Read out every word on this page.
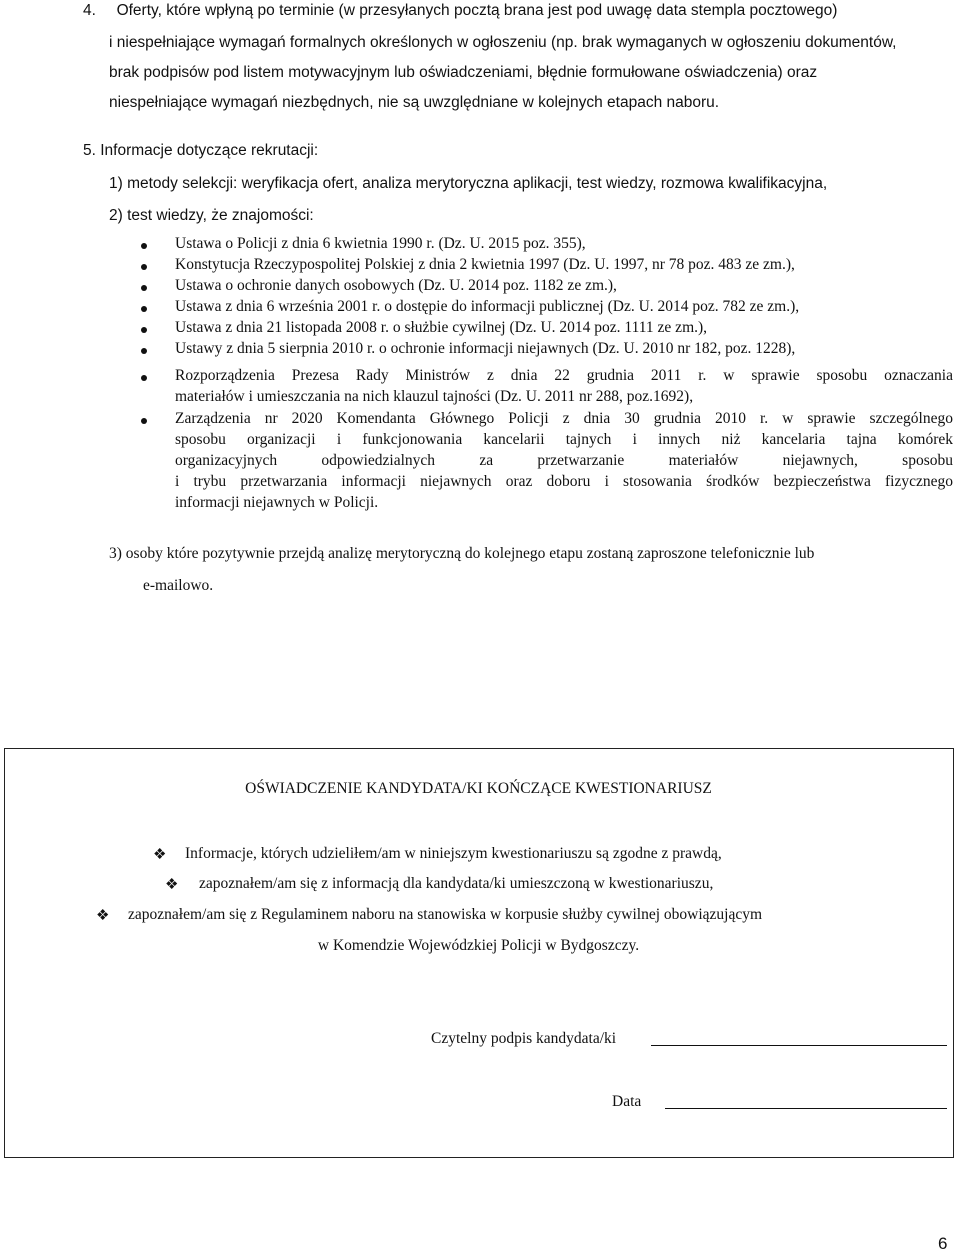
4. Oferty, które wpłyną po terminie (w przesyłanych pocztą brana jest pod uwagę data stempla pocztowego)
i niespełniające wymagań formalnych określonych w ogłoszeniu (np. brak wymaganych w ogłoszeniu dokumentów,
brak podpisów pod listem motywacyjnym lub oświadczeniami, błędnie formułowane oświadczenia) oraz
niespełniające wymagań niezbędnych, nie są uwzględniane w kolejnych etapach naboru.
5. Informacje dotyczące rekrutacji:
1) metody selekcji: weryfikacja ofert, analiza merytoryczna aplikacji, test wiedzy, rozmowa kwalifikacyjna,
2) test wiedzy, że znajomości:
Ustawa o Policji z dnia 6 kwietnia 1990 r. (Dz. U. 2015 poz. 355),
Konstytucja Rzeczypospolitej Polskiej z dnia 2 kwietnia 1997 (Dz. U. 1997, nr 78 poz. 483 ze zm.),
Ustawa o ochronie danych osobowych (Dz. U. 2014 poz. 1182 ze zm.),
Ustawa z dnia 6 września 2001 r. o dostępie do informacji publicznej (Dz. U. 2014 poz. 782 ze zm.),
Ustawa z dnia 21 listopada 2008 r. o służbie cywilnej (Dz. U. 2014 poz. 1111 ze zm.),
Ustawy z dnia 5 sierpnia 2010 r. o ochronie informacji niejawnych (Dz. U. 2010 nr 182, poz. 1228),
Rozporządzenia Prezesa Rady Ministrów z dnia 22 grudnia 2011 r. w sprawie sposobu oznaczania
materiałów i umieszczania na nich klauzul tajności (Dz. U. 2011 nr 288, poz.1692),
Zarządzenia nr 2020 Komendanta Głównego Policji z dnia 30 grudnia 2010 r. w sprawie szczególnego
sposobu organizacji i funkcjonowania kancelarii tajnych i innych niż kancelaria tajna komórek
organizacyjnych odpowiedzialnych za przetwarzanie materiałów niejawnych, sposobu
i trybu przetwarzania informacji niejawnych oraz doboru i stosowania środków bezpieczeństwa fizycznego
informacji niejawnych w Policji.
3) osoby które pozytywnie przejdą analizę merytoryczną do kolejnego etapu zostaną zaproszone telefonicznie lub
e-mailowo.
OŚWIADCZENIE KANDYDATA/KI KOŃCZĄCE KWESTIONARIUSZ
❖ Informacje, których udzieliłem/am w niniejszym kwestionariuszu są zgodne z prawdą,
❖ zapoznałem/am się z informacją dla kandydata/ki umieszczoną w kwestionariuszu,
❖ zapoznałem/am się z Regulaminem naboru na stanowiska w korpusie służby cywilnej obowiązującym
w Komendzie Wojewódzkiej Policji w Bydgoszczy.
Czytelny podpis kandydata/ki
Data
6
